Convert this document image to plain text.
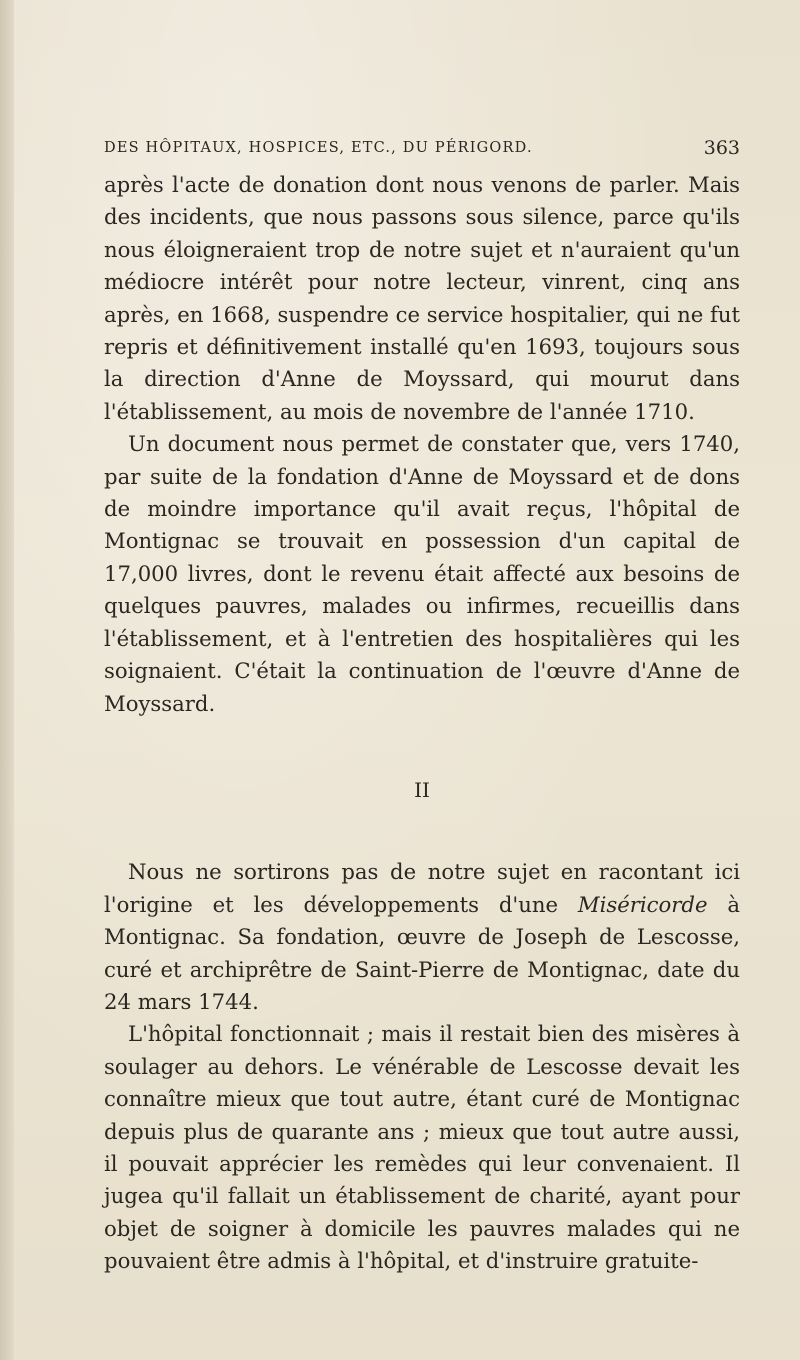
DES HÔPITAUX, HOSPICES, ETC., DU PÉRIGORD.	363

après l'acte de donation dont nous venons de parler. Mais des incidents, que nous passons sous silence, parce qu'ils nous éloigneraient trop de notre sujet et n'auraient qu'un médiocre intérêt pour notre lecteur, vinrent, cinq ans après, en 1668, suspendre ce service hospitalier, qui ne fut repris et définitivement installé qu'en 1693, toujours sous la direction d'Anne de Moyssard, qui mourut dans l'établissement, au mois de novembre de l'année 1710.

Un document nous permet de constater que, vers 1740, par suite de la fondation d'Anne de Moyssard et de dons de moindre importance qu'il avait reçus, l'hôpital de Montignac se trouvait en possession d'un capital de 17,000 livres, dont le revenu était affecté aux besoins de quelques pauvres, malades ou infirmes, recueillis dans l'établissement, et à l'entretien des hospitalières qui les soignaient. C'était la continuation de l'œuvre d'Anne de Moyssard.

II

Nous ne sortirons pas de notre sujet en racontant ici l'origine et les développements d'une Miséricorde à Montignac. Sa fondation, œuvre de Joseph de Lescosse, curé et archiprêtre de Saint-Pierre de Montignac, date du 24 mars 1744.

L'hôpital fonctionnait ; mais il restait bien des misères à soulager au dehors. Le vénérable de Lescosse devait les connaître mieux que tout autre, étant curé de Montignac depuis plus de quarante ans ; mieux que tout autre aussi, il pouvait apprécier les remèdes qui leur convenaient. Il jugea qu'il fallait un établissement de charité, ayant pour objet de soigner à domicile les pauvres malades qui ne pouvaient être admis à l'hôpital, et d'instruire gratuite-
